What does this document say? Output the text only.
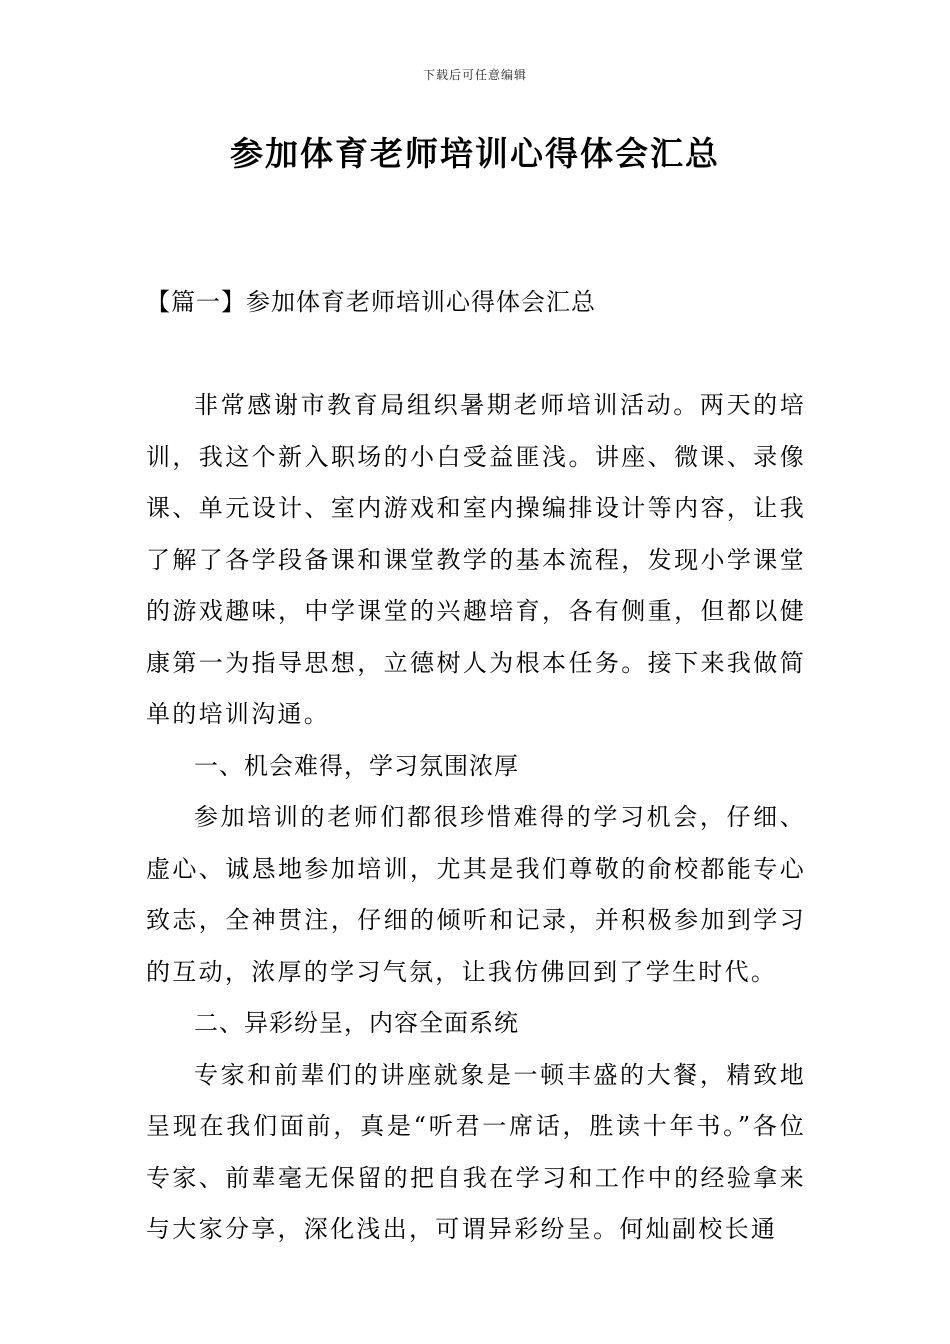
下载后可任意编辑
参加体育老师培训心得体会汇总
【篇一】参加体育老师培训心得体会汇总

非常感谢市教育局组织暑期老师培训活动。两天的培训，我这个新入职场的小白受益匪浅。讲座、微课、录像课、单元设计、室内游戏和室内操编排设计等内容，让我了解了各学段备课和课堂教学的基本流程，发现小学课堂的游戏趣味，中学课堂的兴趣培育，各有侧重，但都以健康第一为指导思想，立德树人为根本任务。接下来我做简单的培训沟通。

一、机会难得，学习氛围浓厚

参加培训的老师们都很珍惜难得的学习机会，仔细、虚心、诚恳地参加培训，尤其是我们尊敬的俞校都能专心致志，全神贯注，仔细的倾听和记录，并积极参加到学习的互动，浓厚的学习气氛，让我仿佛回到了学生时代。

二、异彩纷呈，内容全面系统

专家和前辈们的讲座就象是一顿丰盛的大餐，精致地呈现在我们面前，真是“听君一席话，胜读十年书。”各位专家、前辈毫无保留的把自我在学习和工作中的经验拿来与大家分享，深化浅出，可谓异彩纷呈。何灿副校长通
